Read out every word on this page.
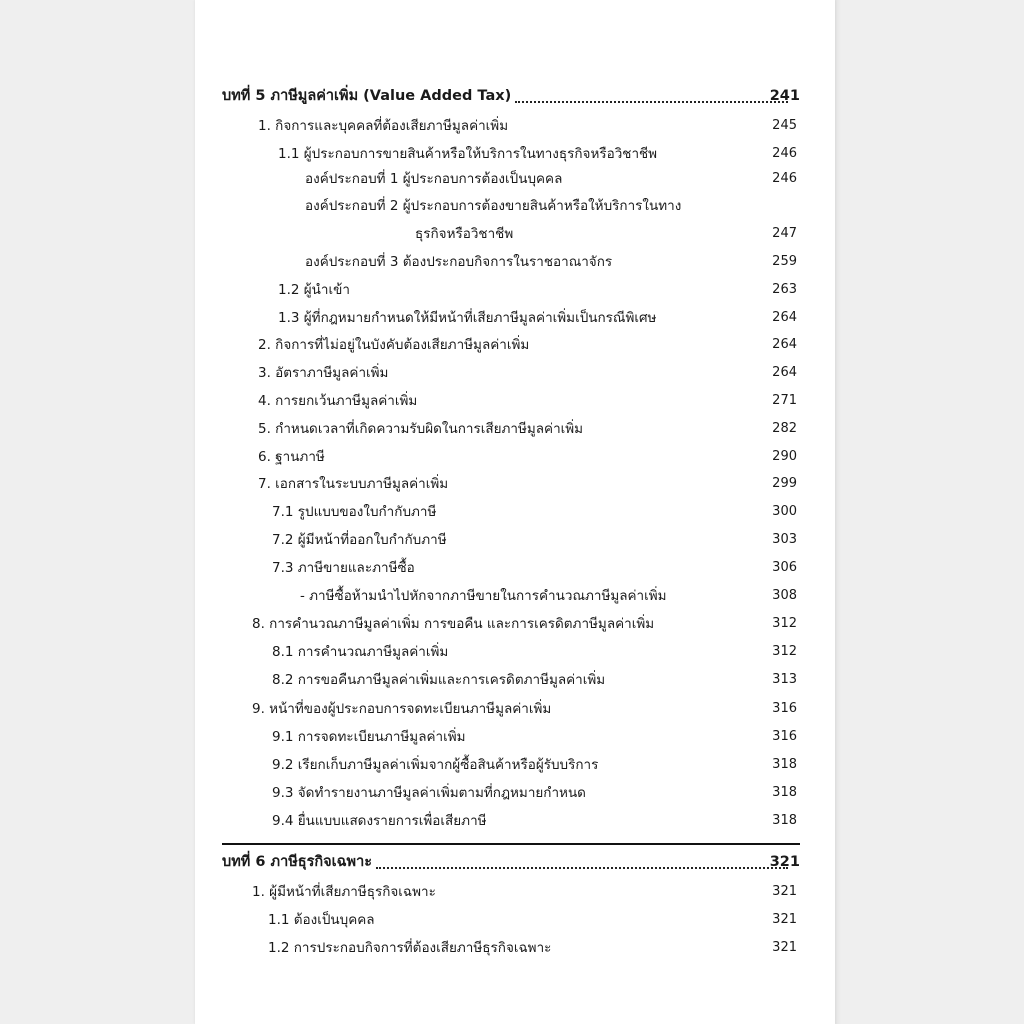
บทที่ 5 ภาษีมูลค่าเพิ่ม (Value Added Tax)	241
1. กิจการและบุคคลที่ต้องเสียภาษีมูลค่าเพิ่ม	245
1.1 ผู้ประกอบการขายสินค้าหรือให้บริการในทางธุรกิจหรือวิชาชีพ	246
องค์ประกอบที่ 1 ผู้ประกอบการต้องเป็นบุคคล	246
องค์ประกอบที่ 2 ผู้ประกอบการต้องขายสินค้าหรือให้บริการในทาง
ธุรกิจหรือวิชาชีพ	247
องค์ประกอบที่ 3 ต้องประกอบกิจการในราชอาณาจักร	259
1.2 ผู้นำเข้า	263
1.3 ผู้ที่กฎหมายกำหนดให้มีหน้าที่เสียภาษีมูลค่าเพิ่มเป็นกรณีพิเศษ	264
2. กิจการที่ไม่อยู่ในบังคับต้องเสียภาษีมูลค่าเพิ่ม	264
3. อัตราภาษีมูลค่าเพิ่ม	264
4. การยกเว้นภาษีมูลค่าเพิ่ม	271
5. กำหนดเวลาที่เกิดความรับผิดในการเสียภาษีมูลค่าเพิ่ม	282
6. ฐานภาษี	290
7. เอกสารในระบบภาษีมูลค่าเพิ่ม	299
7.1 รูปแบบของใบกำกับภาษี	300
7.2 ผู้มีหน้าที่ออกใบกำกับภาษี	303
7.3 ภาษีขายและภาษีซื้อ	306
- ภาษีซื้อห้ามนำไปหักจากภาษีขายในการคำนวณภาษีมูลค่าเพิ่ม	308
8. การคำนวณภาษีมูลค่าเพิ่ม การขอคืน และการเครดิตภาษีมูลค่าเพิ่ม	312
8.1 การคำนวณภาษีมูลค่าเพิ่ม	312
8.2 การขอคืนภาษีมูลค่าเพิ่มและการเครดิตภาษีมูลค่าเพิ่ม	313
9. หน้าที่ของผู้ประกอบการจดทะเบียนภาษีมูลค่าเพิ่ม	316
9.1 การจดทะเบียนภาษีมูลค่าเพิ่ม	316
9.2 เรียกเก็บภาษีมูลค่าเพิ่มจากผู้ซื้อสินค้าหรือผู้รับบริการ	318
9.3 จัดทำรายงานภาษีมูลค่าเพิ่มตามที่กฎหมายกำหนด	318
9.4 ยื่นแบบแสดงรายการเพื่อเสียภาษี	318
บทที่ 6 ภาษีธุรกิจเฉพาะ	321
1. ผู้มีหน้าที่เสียภาษีธุรกิจเฉพาะ	321
1.1 ต้องเป็นบุคคล	321
1.2 การประกอบกิจการที่ต้องเสียภาษีธุรกิจเฉพาะ	321
